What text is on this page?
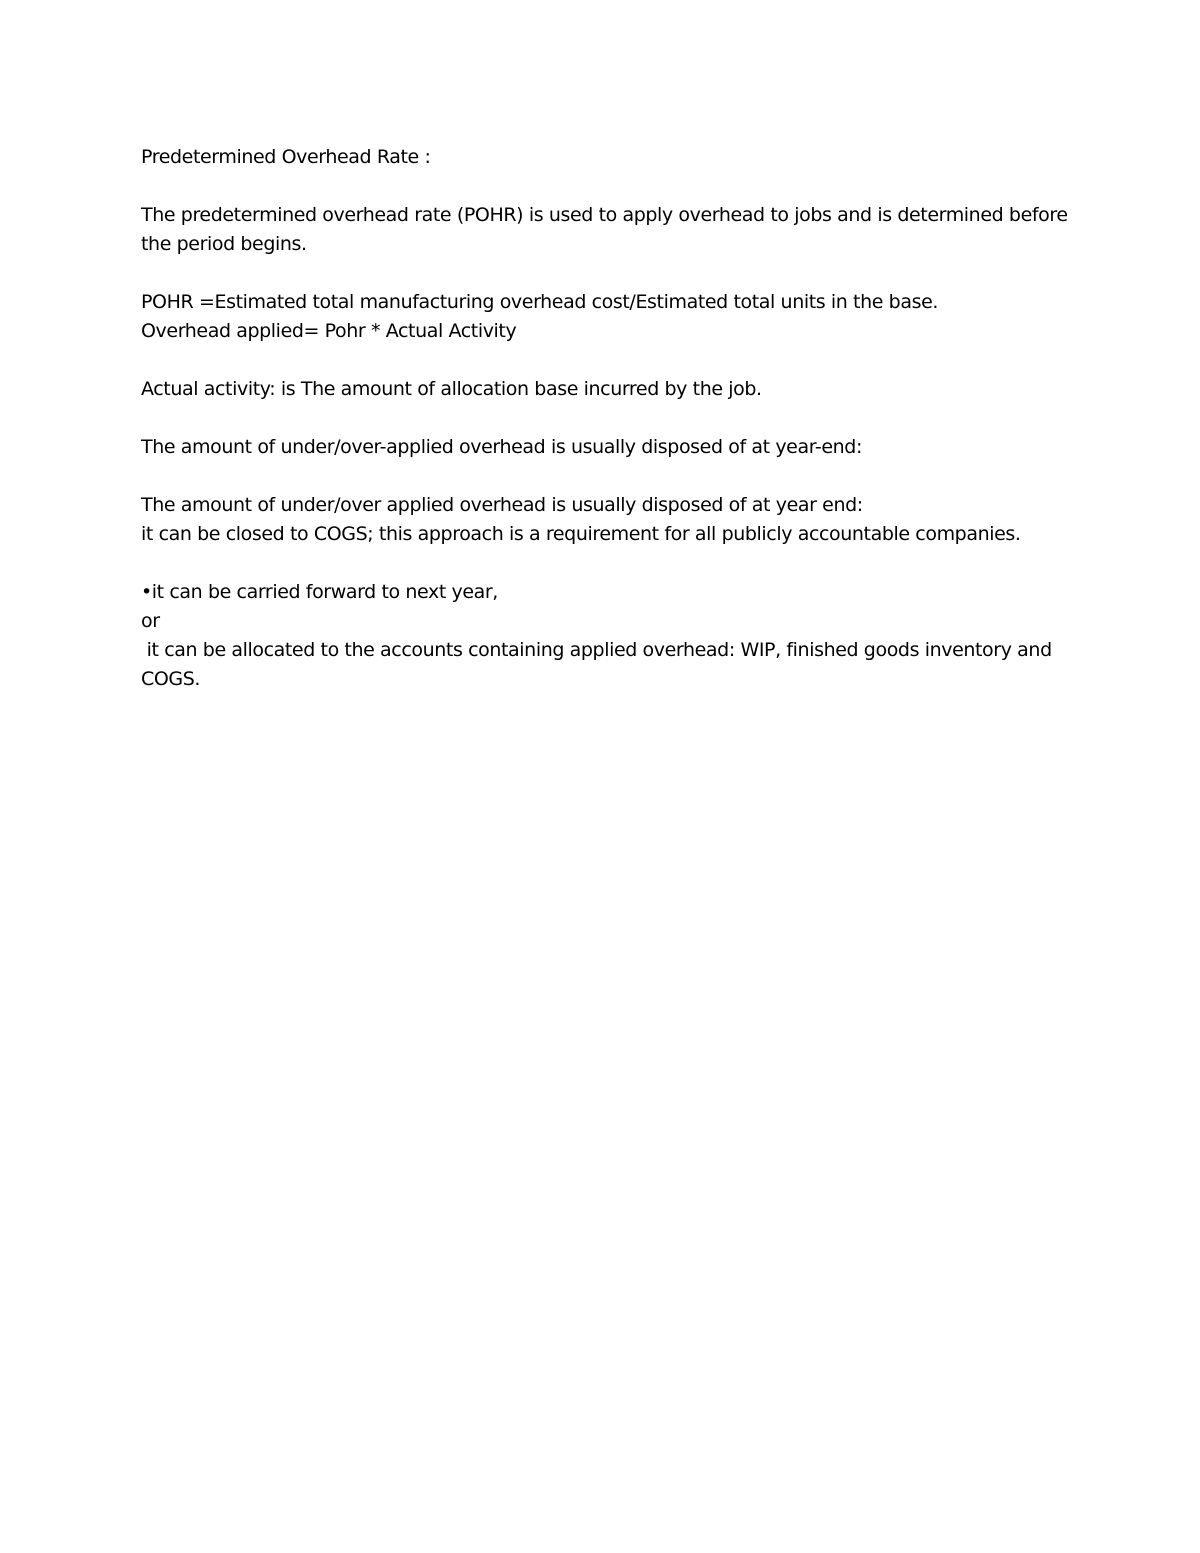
Predetermined Overhead Rate :

The predetermined overhead rate (POHR) is used to apply overhead to jobs and is determined before the period begins.

POHR =Estimated total manufacturing overhead cost/Estimated total units in the base.

Overhead applied= Pohr * Actual Activity

Actual activity: is The amount of allocation base incurred by the job.

The amount of under/over-applied overhead is usually disposed of at year-end:

The amount of under/over applied overhead is usually disposed of at year end:

it can be closed to COGS; this approach is a requirement for all publicly accountable companies.

•it can be carried forward to next year,

or

it can be allocated to the accounts containing applied overhead: WIP, finished goods inventory and COGS.
